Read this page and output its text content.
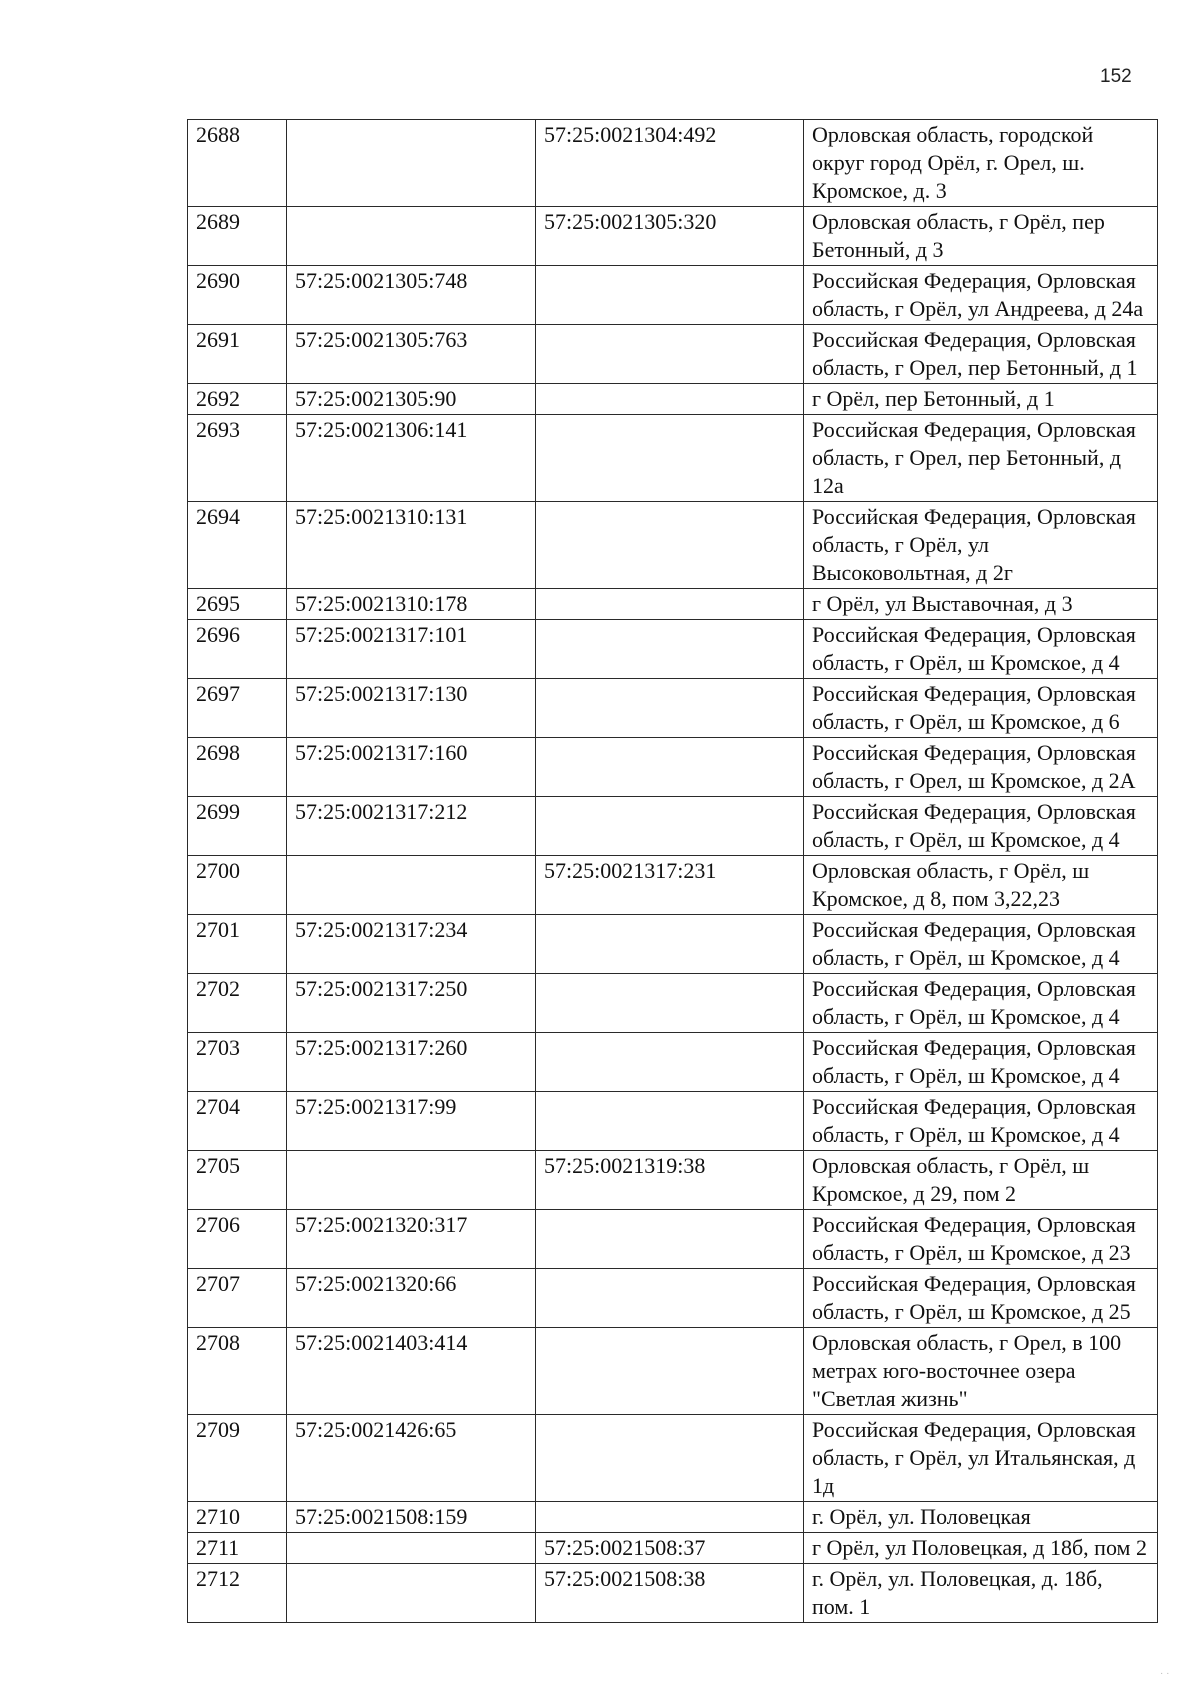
152
2688		57:25:0021304:492	Орловская область, городской округ город Орёл, г. Орел, ш. Кромское, д. 3
2689		57:25:0021305:320	Орловская область, г Орёл, пер Бетонный, д 3
2690	57:25:0021305:748		Российская Федерация, Орловская область, г Орёл, ул Андреева, д 24а
2691	57:25:0021305:763		Российская Федерация, Орловская область, г Орел, пер Бетонный, д 1
2692	57:25:0021305:90		г Орёл, пер Бетонный, д 1
2693	57:25:0021306:141		Российская Федерация, Орловская область, г Орел, пер Бетонный, д 12а
2694	57:25:0021310:131		Российская Федерация, Орловская область, г Орёл, ул Высоковольтная, д 2г
2695	57:25:0021310:178		г Орёл, ул Выставочная, д 3
2696	57:25:0021317:101		Российская Федерация, Орловская область, г Орёл, ш Кромское, д 4
2697	57:25:0021317:130		Российская Федерация, Орловская область, г Орёл, ш Кромское, д 6
2698	57:25:0021317:160		Российская Федерация, Орловская область, г Орел, ш Кромское, д 2А
2699	57:25:0021317:212		Российская Федерация, Орловская область, г Орёл, ш Кромское, д 4
2700		57:25:0021317:231	Орловская область, г Орёл, ш Кромское, д 8, пом 3,22,23
2701	57:25:0021317:234		Российская Федерация, Орловская область, г Орёл, ш Кромское, д 4
2702	57:25:0021317:250		Российская Федерация, Орловская область, г Орёл, ш Кромское, д 4
2703	57:25:0021317:260		Российская Федерация, Орловская область, г Орёл, ш Кромское, д 4
2704	57:25:0021317:99		Российская Федерация, Орловская область, г Орёл, ш Кромское, д 4
2705		57:25:0021319:38	Орловская область, г Орёл, ш Кромское, д 29, пом 2
2706	57:25:0021320:317		Российская Федерация, Орловская область, г Орёл, ш Кромское, д 23
2707	57:25:0021320:66		Российская Федерация, Орловская область, г Орёл, ш Кромское, д 25
2708	57:25:0021403:414		Орловская область, г Орел, в 100 метрах юго-восточнее озера "Светлая жизнь"
2709	57:25:0021426:65		Российская Федерация, Орловская область, г Орёл, ул Итальянская, д 1д
2710	57:25:0021508:159		г. Орёл, ул. Половецкая
2711		57:25:0021508:37	г Орёл, ул Половецкая, д 18б, пом 2
2712		57:25:0021508:38	г. Орёл, ул. Половецкая, д. 18б, пом. 1
· ·
